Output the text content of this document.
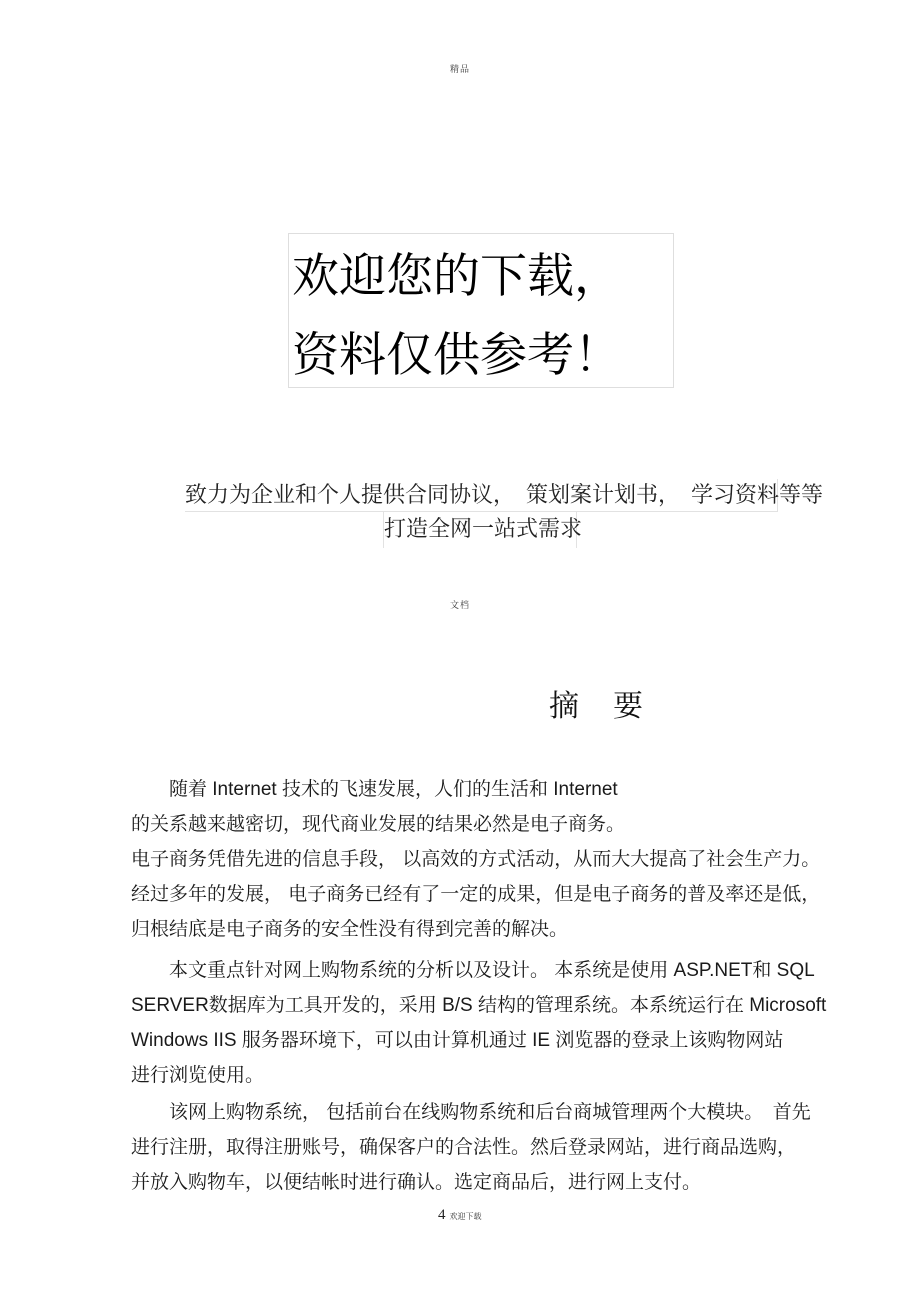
精品
欢迎您的下载，
资料仅供参考！
致力为企业和个人提供合同协议，　策划案计划书，　学习资料等等
打造全网一站式需求
文档
摘　要
随着 Internet 技术的飞速发展，人们的生活和 Internet
的关系越来越密切，现代商业发展的结果必然是电子商务。
电子商务凭借先进的信息手段， 以高效的方式活动，从而大大提高了社会生产力。
经过多年的发展， 电子商务已经有了一定的成果，但是电子商务的普及率还是低，
归根结底是电子商务的安全性没有得到完善的解决。
本文重点针对网上购物系统的分析以及设计。 本系统是使用 ASP.NET和 SQL
SERVER数据库为工具开发的，采用 B/S 结构的管理系统。本系统运行在 Microsoft
Windows IIS 服务器环境下，可以由计算机通过 IE 浏览器的登录上该购物网站
进行浏览使用。
该网上购物系统， 包括前台在线购物系统和后台商城管理两个大模块。　首先
进行注册，取得注册账号，确保客户的合法性。然后登录网站，进行商品选购，
并放入购物车，以便结帐时进行确认。选定商品后，进行网上支付。
4 欢迎下载
